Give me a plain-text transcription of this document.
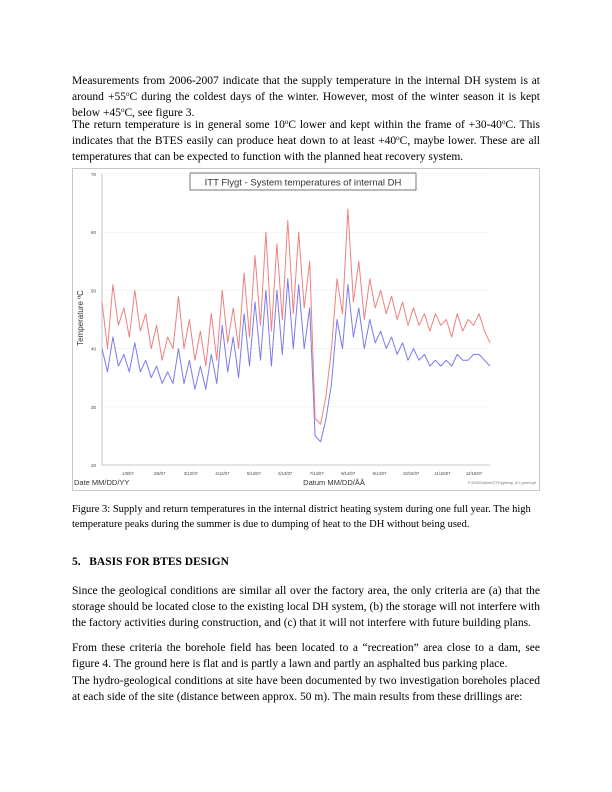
Measurements from 2006-2007 indicate that the supply temperature in the internal DH system is at around $+55^oC$ during the coldest days of the winter. However, most of the winter season it is kept below $+45^oC$, see figure 3.

The return temperature is in general some 10$^o$C lower and kept within the frame of $+30-40^oC$. This indicates that the BTES easily can produce heat down to at least $+40^oC$, maybe lower. These are all temperatures that can be expected to function with the planned heat recovery system.

ITT Flygt - System temperatures of internal DH
Temperature ºC
20
30
40
50
60
70
1/8/07	2/8/07	3/12/07	4/12/07	5/13/07	6/13/07	7/14/07	8/14/07	9/14/07	10/15/07	11/15/07	12/16/07
Date MM/DD/YY	Datum MM/DD/ÅÅ	P:\2016\Objektnr\ITT\Flygt\temp_DH_system.grf

Figure 3: Supply and return temperatures in the internal district heating system during one full year. The high temperature peaks during the summer is due to dumping of heat to the DH without being used.

5. BASIS FOR BTES DESIGN

Since the geological conditions are similar all over the factory area, the only criteria are (a) that the storage should be located close to the existing local DH system, (b) the storage will not interfere with the factory activities during construction, and (c) that it will not interfere with future building plans.

From these criteria the borehole field has been located to a “recreation” area close to a dam, see figure 4. The ground here is flat and is partly a lawn and partly an asphalted bus parking place.

The hydro-geological conditions at site have been documented by two investigation boreholes placed at each side of the site (distance between approx. 50 m). The main results from these drillings are:
